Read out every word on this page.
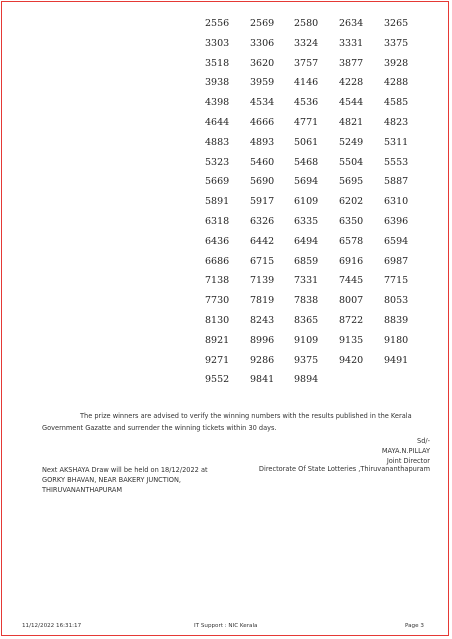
2556	2569	2580	2634	3265
3303	3306	3324	3331	3375
3518	3620	3757	3877	3928
3938	3959	4146	4228	4288
4398	4534	4536	4544	4585
4644	4666	4771	4821	4823
4883	4893	5061	5249	5311
5323	5460	5468	5504	5553
5669	5690	5694	5695	5887
5891	5917	6109	6202	6310
6318	6326	6335	6350	6396
6436	6442	6494	6578	6594
6686	6715	6859	6916	6987
7138	7139	7331	7445	7715
7730	7819	7838	8007	8053
8130	8243	8365	8722	8839
8921	8996	9109	9135	9180
9271	9286	9375	9420	9491
9552	9841	9894
The prize winners are advised to verify the winning numbers with the results published in the Kerala
Government Gazatte and surrender the winning tickets within 30 days.
Sd/-
MAYA.N.PILLAY
Joint Director
Next AKSHAYA Draw will be held on 18/12/2022 at
GORKY BHAVAN, NEAR BAKERY JUNCTION,
THIRUVANANTHAPURAM
Directorate Of State Lotteries ,Thiruvananthapuram
11/12/2022 16:31:17	IT Support : NIC Kerala	Page 3
